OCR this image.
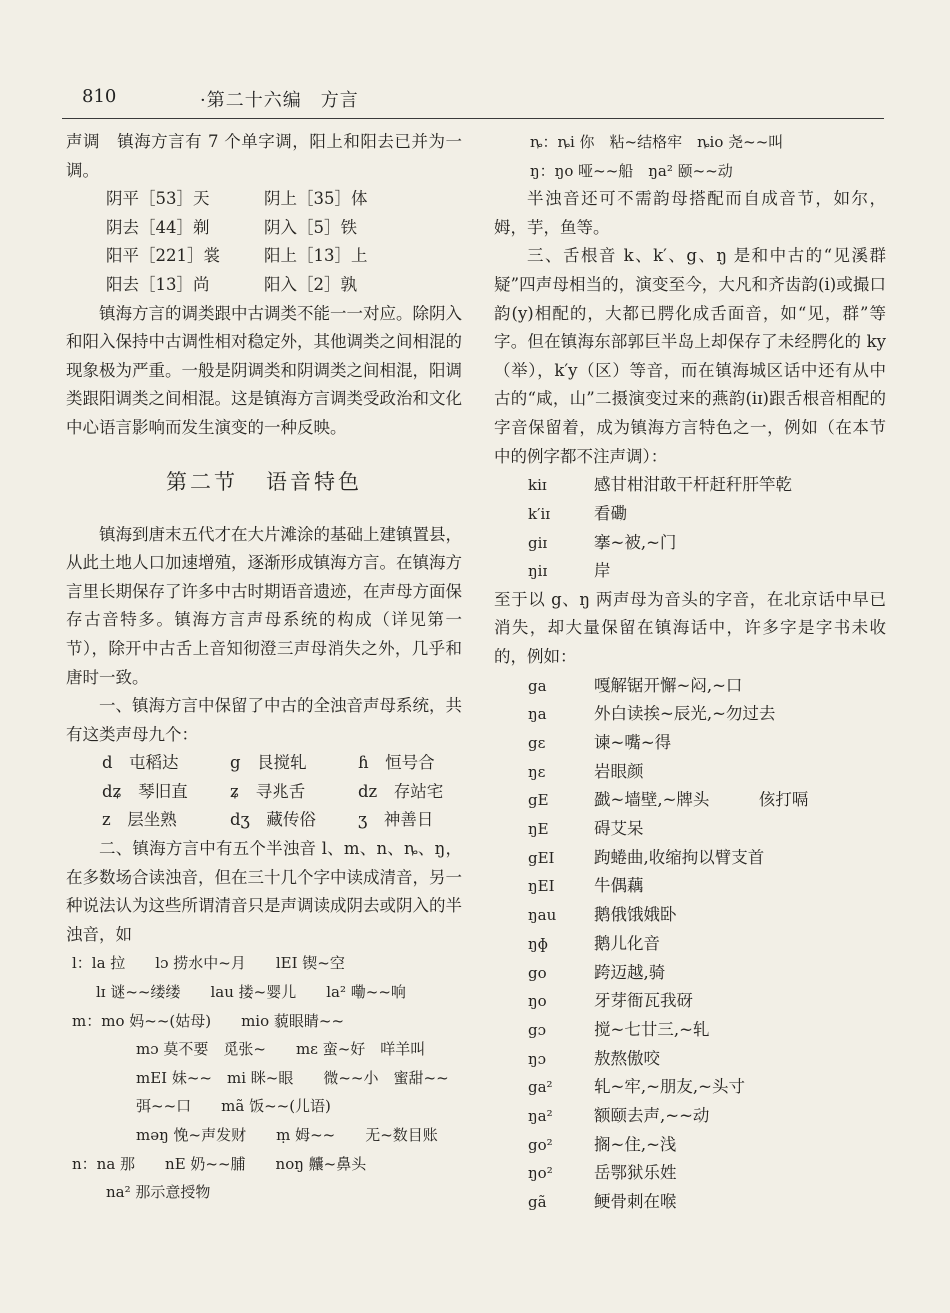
810	·第二十六编　方言

声调　镇海方言有 7 个单字调，阳上和阳去已并为一调。

阴平［53］天	阴上［35］体
阴去［44］剃	阴入［5］铁
阳平［221］裳	阳上［13］上
阳去［13］尚	阳入［2］孰

镇海方言的调类跟中古调类不能一一对应。除阴入和阳入保持中古调性相对稳定外，其他调类之间相混的现象极为严重。一般是阴调类和阴调类之间相混，阳调类跟阳调类之间相混。这是镇海方言调类受政治和文化中心语言影响而发生演变的一种反映。

第二节 语音特色

镇海到唐末五代才在大片滩涂的基础上建镇置县，从此土地人口加速增殖，逐渐形成镇海方言。在镇海方言里长期保存了许多中古时期语音遗迹，在声母方面保存古音特多。镇海方言声母系统的构成（详见第一节），除开中古舌上音知彻澄三声母消失之外，几乎和唐时一致。

一、镇海方言中保留了中古的全浊音声母系统，共有这类声母九个：

d　屯稻达	g　艮搅轧	ɦ　恒号合
dʑ　琴旧直	ʑ　寻兆舌	dz　存站宅
z　层坐熟	dʒ　藏传俗	ʒ　神善日

二、镇海方言中有五个半浊音 l、m、n、ȵ、ŋ，在多数场合读浊音，但在三十几个字中读成清音，另一种说法认为这些所谓清音只是声调读成阴去或阴入的半浊音，如

l：la 拉　　lɔ 捞水中~月　　lEI 锲~空
lɪ 谜~~缕缕　　lau 搂~婴儿　　la² 嘞~~响
m：mo 妈~~(姑母)　　mio 藐眼睛~~
mɔ 莫不要　觅张~　　mɛ 蛮~好　咩羊叫
mEI 妹~~　mi 眯~眼　　微~~小　蜜甜~~
弭~~口　　mã 饭~~(儿语)
məŋ 悗~声发财　　ṃ 姆~~　　无~数目账
n：na 那　　nE 奶~~脯　　noŋ 齉~鼻头
na² 那示意授物
ȵ：ȵi 你　粘~结格牢　ȵio 尧~~叫
ŋ：ŋo 哑~~船　ŋa² 颐~~动

半浊音还可不需韵母搭配而自成音节，如尔，姆，芋，鱼等。

三、舌根音 k、k′、g、ŋ 是和中古的“见溪群疑”四声母相当的，演变至今，大凡和齐齿韵(i)或撮口韵(y)相配的，大都已腭化成舌面音，如“见，群”等字。但在镇海东部郭巨半岛上却保存了未经腭化的 ky（举），k′y（区）等音，而在镇海城区话中还有从中古的“咸，山”二摄演变过来的燕韵(iɪ)跟舌根音相配的字音保留着，成为镇海方言特色之一，例如（在本节中的例字都不注声调）：

kiɪ	感甘柑泔敢干杆赶秆肝竿乾
k′iɪ	看磡
giɪ	搴~被,~门
ŋiɪ	岸

至于以 g、ŋ 两声母为音头的字音，在北京话中早已消失，却大量保留在镇海话中，许多字是字书未收的，例如：

ga	嘎解锯开懈~闷,~口
ŋa	外白读挨~辰光,~勿过去
gɛ	谏~嘴~得
ŋɛ	岩眼颜
gE	戤~墙壁,~牌头　　　侅打嗝
ŋE	碍艾呆
gEI	跔蜷曲,收缩拘以臂支首
ŋEI	牛偶藕
ŋau	鹅俄饿娥卧
ŋɸ	鹅儿化音
go	跨迈越,骑
ŋo	牙芽衙瓦我砑
gɔ	搅~七廿三,~轧
ŋɔ	敖熬傲咬
ga²	轧~牢,~朋友,~头寸
ŋa²	额颐去声,~~动
go²	搁~住,~浅
ŋo²	岳鄂狱乐姓
gã	鲠骨刺在喉
